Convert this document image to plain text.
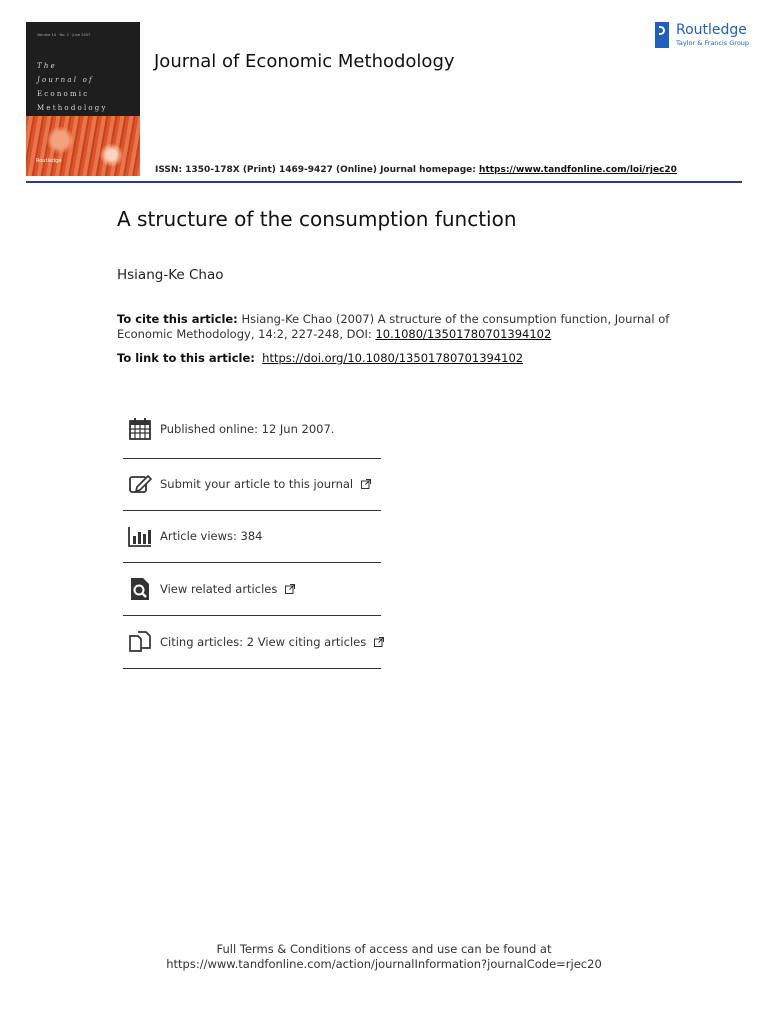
Volume 14 · No. 2 · June 2007
The
Journal of
Economic
Methodology
Routledge
Journal of Economic Methodology
Routledge
Taylor & Francis Group
ISSN: 1350-178X (Print) 1469-9427 (Online) Journal homepage: https://www.tandfonline.com/loi/rjec20
A structure of the consumption function
Hsiang-Ke Chao
To cite this article: Hsiang-Ke Chao (2007) A structure of the consumption function, Journal of Economic Methodology, 14:2, 227-248, DOI: 10.1080/13501780701394102
To link to this article: https://doi.org/10.1080/13501780701394102
Published online: 12 Jun 2007.
Submit your article to this journal
Article views: 384
View related articles
Citing articles: 2 View citing articles
Full Terms & Conditions of access and use can be found at
https://www.tandfonline.com/action/journalInformation?journalCode=rjec20
